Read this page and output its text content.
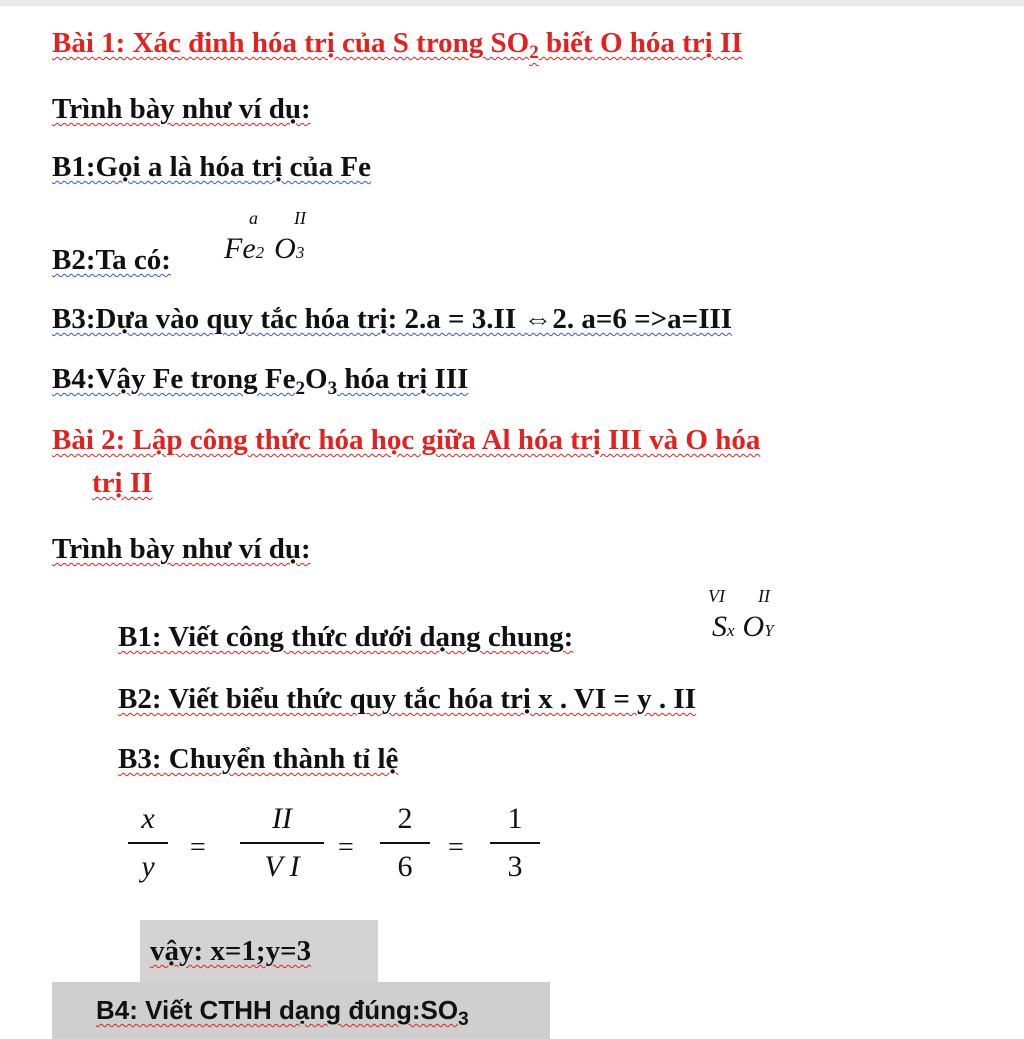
Bài 1: Xác đinh hóa trị của S trong $SO_2$ biết O hóa trị II
Trình bày như ví dụ:
B1:Gọi a là hóa trị của Fe
B2:Ta có:
a
Fe2
II
O3
B3:Dựa vào quy tắc hóa trị: 2.a = 3.II ⇔2. a=6 =>a=III
B4:Vậy Fe trong $Fe_2O_3$ hóa trị III
Bài 2: Lập công thức hóa học giữa Al hóa trị III và O hóa
trị II
Trình bày như ví dụ:
B1: Viết công thức dưới dạng chung:
VI
Sx
II
OY
B2: Viết biểu thức quy tắc hóa trị x . VI = y . II
B3: Chuyển thành tỉ lệ
x
y
=
II
V I
=
2
6
=
1
3
vậy: x=1;y=3
B4: Viết CTHH dạng $đúng:SO_3$
